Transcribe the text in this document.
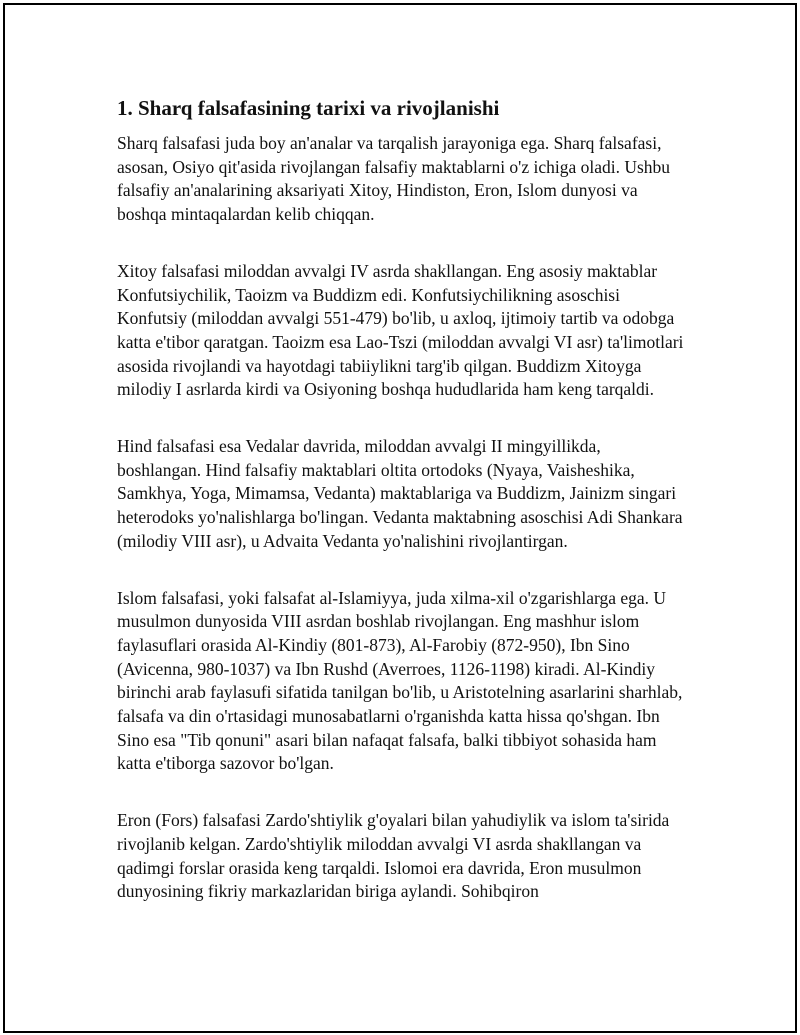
1. Sharq falsafasining tarixi va rivojlanishi

Sharq falsafasi juda boy an'analar va tarqalish jarayoniga ega. Sharq falsafasi, asosan, Osiyo qit'asida rivojlangan falsafiy maktablarni o'z ichiga oladi. Ushbu falsafiy an'analarining aksariyati Xitoy, Hindiston, Eron, Islom dunyosi va boshqa mintaqalardan kelib chiqqan.

Xitoy falsafasi miloddan avvalgi IV asrda shakllangan. Eng asosiy maktablar Konfutsiychilik, Taoizm va Buddizm edi. Konfutsiychilikning asoschisi Konfutsiy (miloddan avvalgi 551-479) bo'lib, u axloq, ijtimoiy tartib va odobga katta e'tibor qaratgan. Taoizm esa Lao-Tszi (miloddan avvalgi VI asr) ta'limotlari asosida rivojlandi va hayotdagi tabiiylikni targ'ib qilgan. Buddizm Xitoyga milodiy I asrlarda kirdi va Osiyoning boshqa hududlarida ham keng tarqaldi.

Hind falsafasi esa Vedalar davrida, miloddan avvalgi II mingyillikda, boshlangan. Hind falsafiy maktablari oltita ortodoks (Nyaya, Vaisheshika, Samkhya, Yoga, Mimamsa, Vedanta) maktablariga va Buddizm, Jainizm singari heterodoks yo'nalishlarga bo'lingan. Vedanta maktabning asoschisi Adi Shankara (milodiy VIII asr), u Advaita Vedanta yo'nalishini rivojlantirgan.

Islom falsafasi, yoki falsafat al-Islamiyya, juda xilma-xil o'zgarishlarga ega. U musulmon dunyosida VIII asrdan boshlab rivojlangan. Eng mashhur islom faylasuflari orasida Al-Kindiy (801-873), Al-Farobiy (872-950), Ibn Sino (Avicenna, 980-1037) va Ibn Rushd (Averroes, 1126-1198) kiradi. Al-Kindiy birinchi arab faylasufi sifatida tanilgan bo'lib, u Aristotelning asarlarini sharhlab, falsafa va din o'rtasidagi munosabatlarni o'rganishda katta hissa qo'shgan. Ibn Sino esa "Tib qonuni" asari bilan nafaqat falsafa, balki tibbiyot sohasida ham katta e'tiborga sazovor bo'lgan.

Eron (Fors) falsafasi Zardo'shtiylik g'oyalari bilan yahudiylik va islom ta'sirida rivojlanib kelgan. Zardo'shtiylik miloddan avvalgi VI asrda shakllangan va qadimgi forslar orasida keng tarqaldi. Islomoi era davrida, Eron musulmon dunyosining fikriy markazlaridan biriga aylandi. Sohibqiron
